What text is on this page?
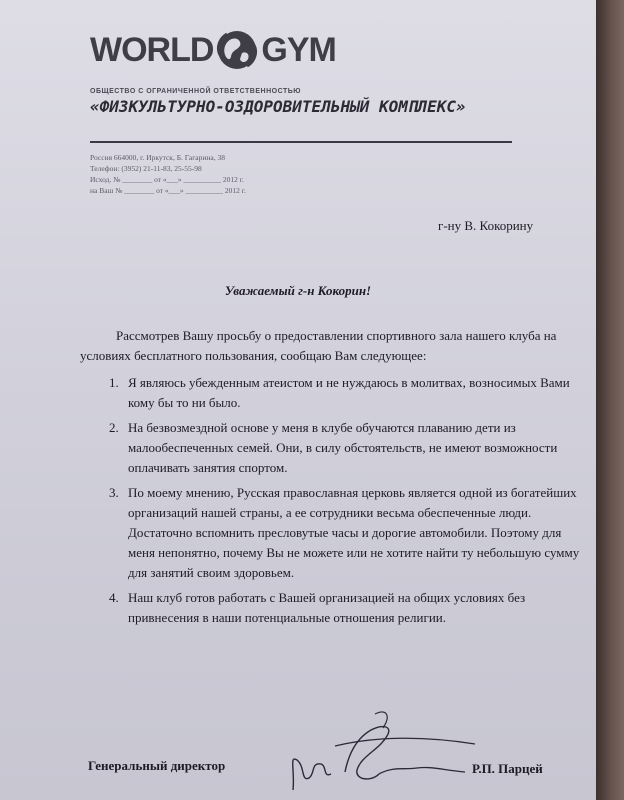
WORLD GYM
ОБЩЕСТВО С ОГРАНИЧЕННОЙ ОТВЕТСТВЕННОСТЬЮ
«ФИЗКУЛЬТУРНО-ОЗДОРОВИТЕЛЬНЫЙ КОМПЛЕКС»
Россия 664000, г. Иркутск, Б. Гагарина, 38
Телефон: (3952) 21-11-83, 25-55-98
Исход. № ________ от «___» __________ 2012 г.
на Ваш № ________ от «___» __________ 2012 г.
г-ну В. Кокорину
Уважаемый г-н Кокорин!

Рассмотрев Вашу просьбу о предоставлении спортивного зала нашего клуба на условиях бесплатного пользования, сообщаю Вам следующее:

1. Я являюсь убежденным атеистом и не нуждаюсь в молитвах, возносимых Вами кому бы то ни было.
2. На безвозмездной основе у меня в клубе обучаются плаванию дети из малообеспеченных семей. Они, в силу обстоятельств, не имеют возможности оплачивать занятия спортом.
3. По моему мнению, Русская православная церковь является одной из богатейших организаций нашей страны, а ее сотрудники весьма обеспеченные люди. Достаточно вспомнить пресловутые часы и дорогие автомобили. Поэтому для меня непонятно, почему Вы не можете или не хотите найти ту небольшую сумму для занятий своим здоровьем.
4. Наш клуб готов работать с Вашей организацией на общих условиях без привнесения в наши потенциальные отношения религии.
Генеральный директор	Р.П. Парцей
